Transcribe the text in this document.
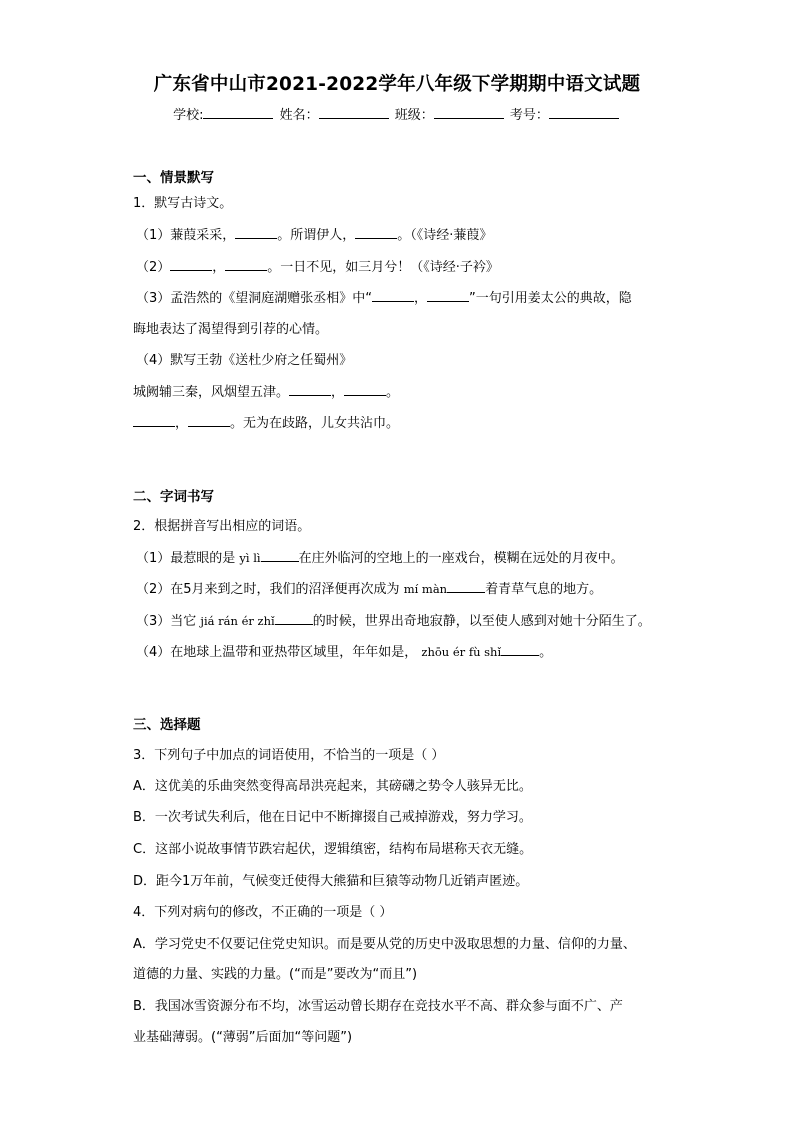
广东省中山市2021-2022学年八年级下学期期中语文试题
学校:	姓名：	班级：	考号：
一、情景默写
1．默写古诗文。
（1）蒹葭采采，	。所谓伊人，	。（《诗经·蒹葭》
（2）	，	。一日不见，如三月兮！（《诗经·子衿》
（3）孟浩然的《望洞庭湖赠张丞相》中“	，	”一句引用姜太公的典故，隐
晦地表达了渴望得到引荐的心情。
（4）默写王勃《送杜少府之任蜀州》
城阙辅三秦，风烟望五津。	，	。
，	。无为在歧路，儿女共沾巾。
二、字词书写
2．根据拼音写出相应的词语。
（1）最惹眼的是 yì lì	在庄外临河的空地上的一座戏台，模糊在远处的月夜中。
（2）在5月来到之时，我们的沼泽便再次成为 mí màn	着青草气息的地方。
（3）当它 jiá rán ér zhǐ	的时候，世界出奇地寂静，以至使人感到对她十分陌生了。
（4）在地球上温带和亚热带区域里，年年如是， zhōu ér fù shǐ	。
三、选择题
3．下列句子中加点的词语使用，不恰当的一项是（ ）
A．这优美的乐曲突然变得高昂洪亮起来，其磅礴之势令人骇异无比。
B．一次考试失利后，他在日记中不断撺掇自己戒掉游戏，努力学习。
C．这部小说故事情节跌宕起伏，逻辑缜密，结构布局堪称天衣无缝。
D．距今1万年前，气候变迁使得大熊猫和巨猿等动物几近销声匿迹。
4．下列对病句的修改，不正确的一项是（ ）
A．学习党史不仅要记住党史知识。而是要从党的历史中汲取思想的力量、信仰的力量、
道德的力量、实践的力量。(“而是”要改为“而且”)
B．我国冰雪资源分布不均，冰雪运动曾长期存在竞技水平不高、群众参与面不广、产
业基础薄弱。(“薄弱”后面加“等问题”)
